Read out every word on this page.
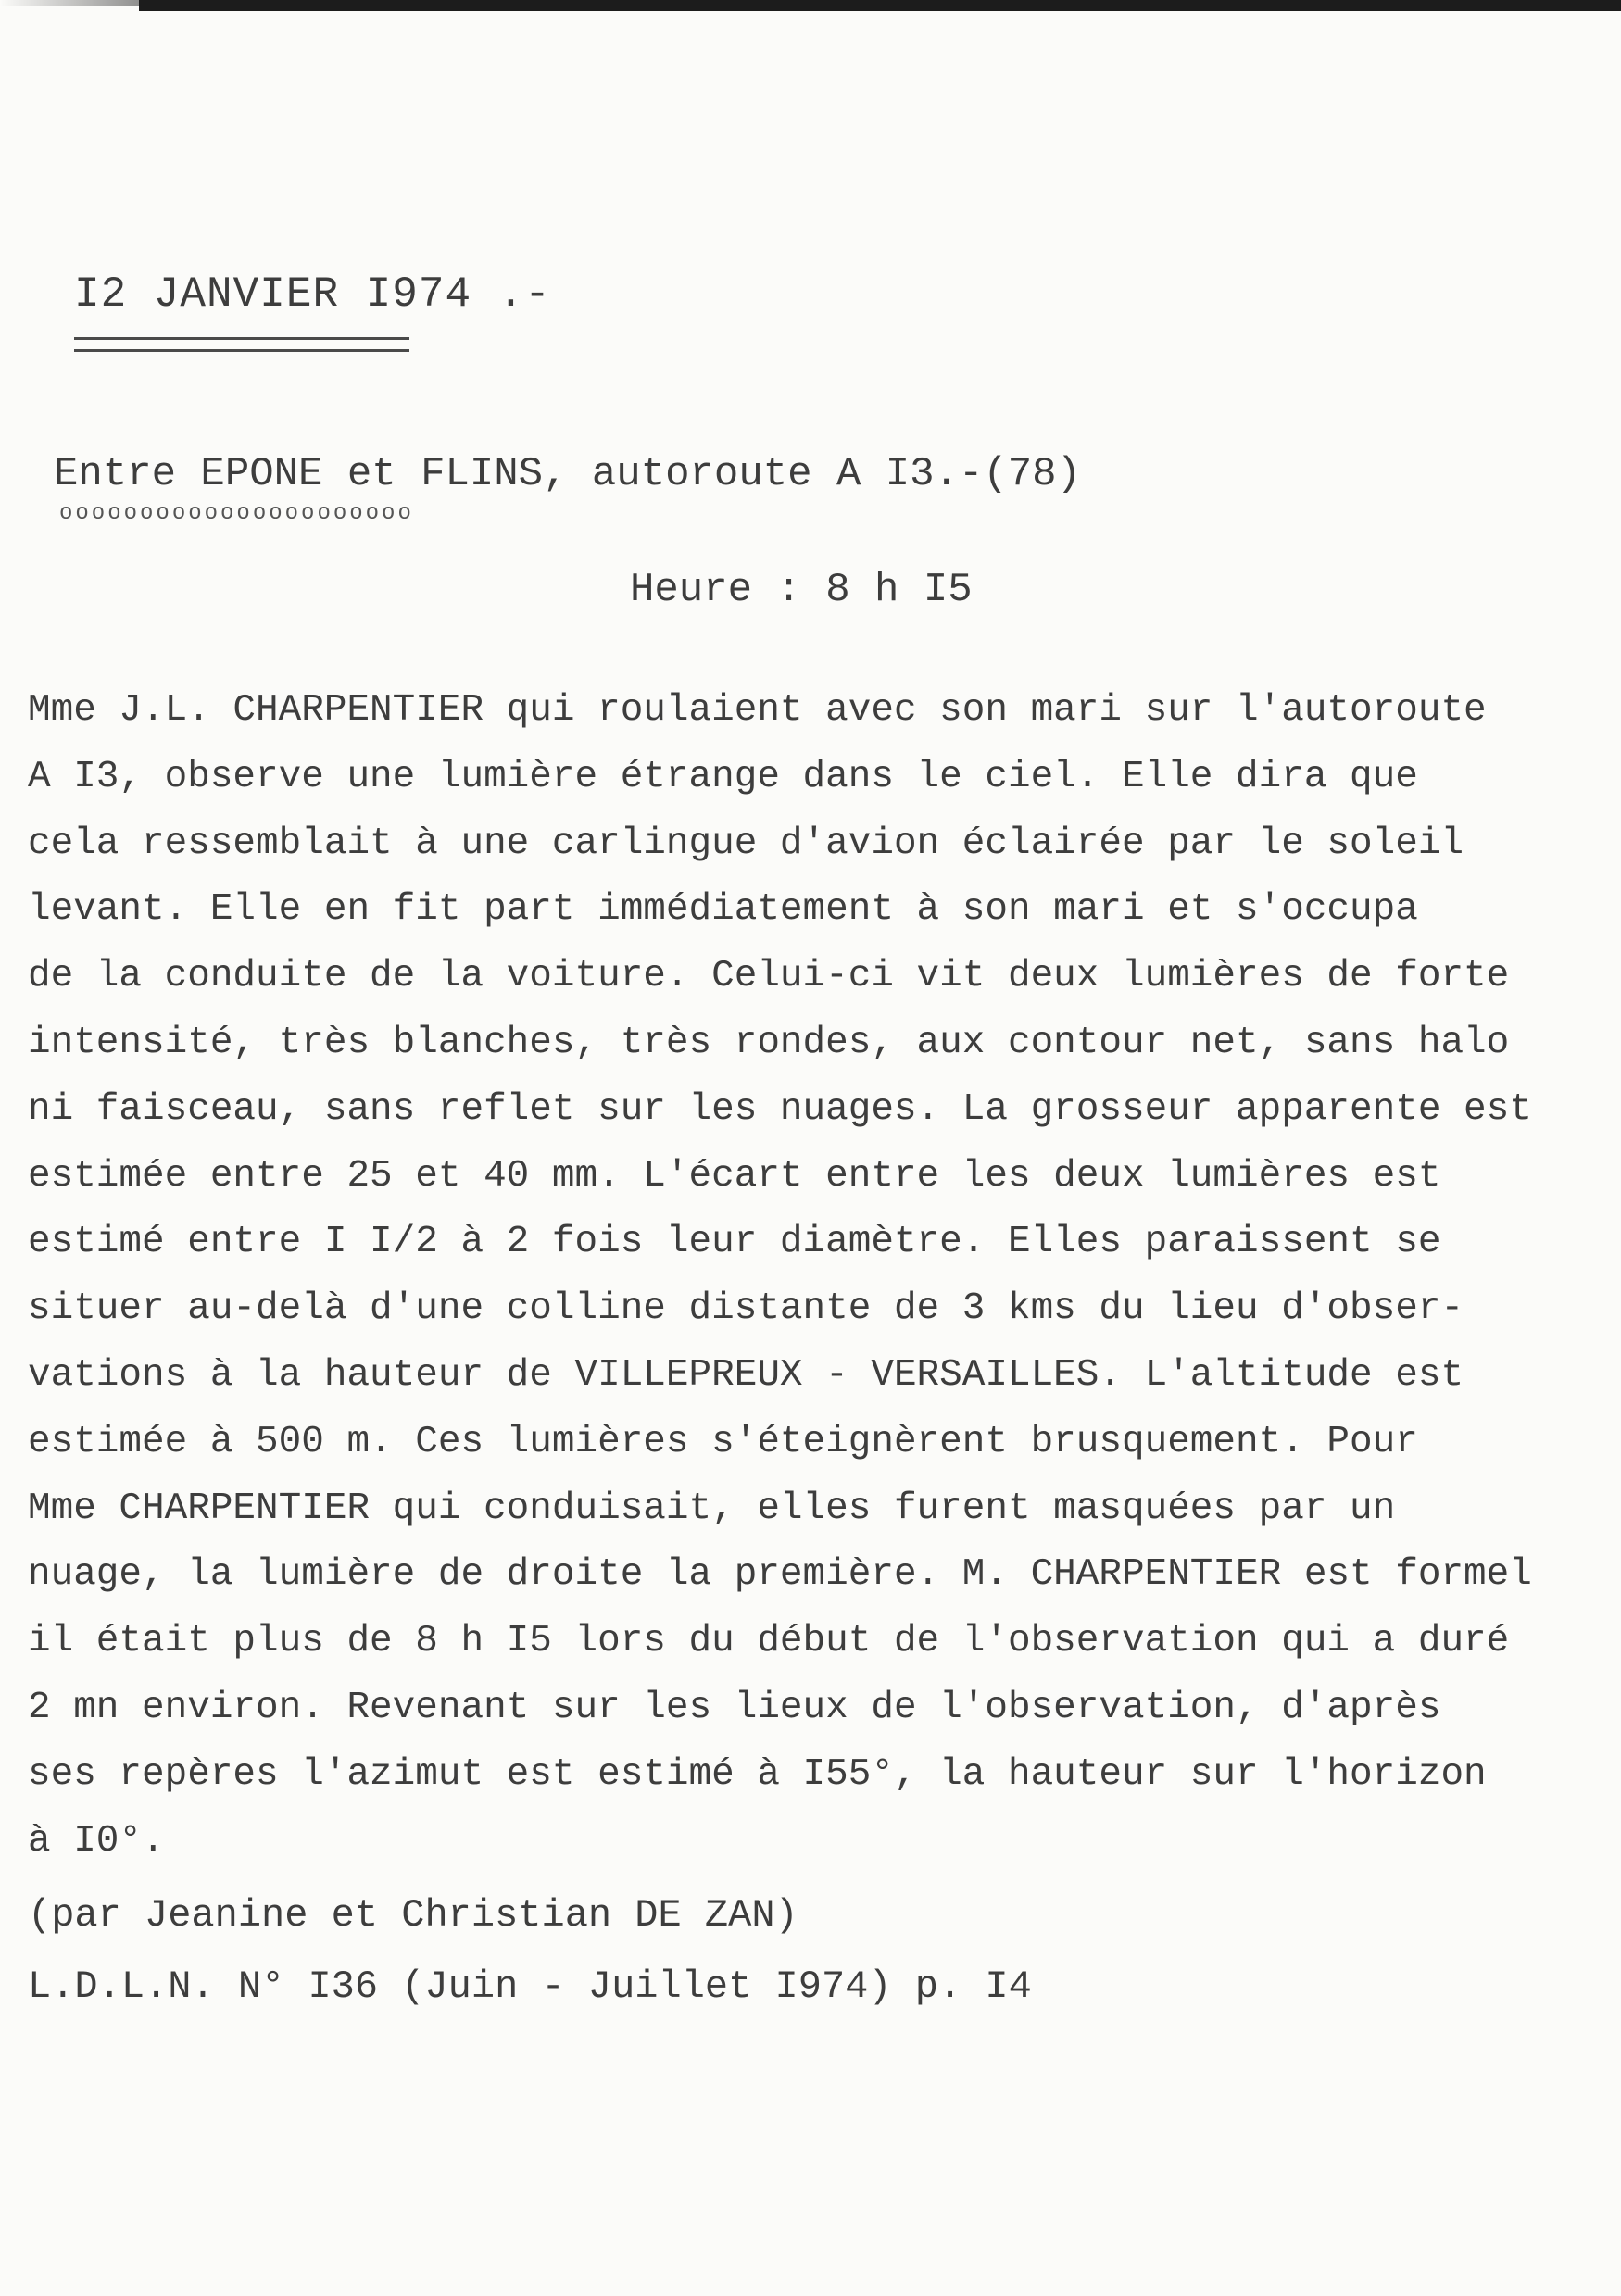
I2 JANVIER I974 .-
Entre EPONE et FLINS, autoroute A I3.-(78)
oooooooooooooooooooooo
Heure : 8 h I5
Mme J.L. CHARPENTIER qui roulaient avec son mari sur l'autoroute
A I3, observe une lumière étrange dans le ciel. Elle dira que
cela ressemblait à une carlingue d'avion éclairée par le soleil
levant. Elle en fit part immédiatement à son mari et s'occupa
de la conduite de la voiture. Celui-ci vit deux lumières de forte
intensité, très blanches, très rondes, aux contour net, sans halo
ni faisceau, sans reflet sur les nuages. La grosseur apparente est
estimée entre 25 et 40 mm. L'écart entre les deux lumières est
estimé entre I I/2 à 2 fois leur diamètre. Elles paraissent se
situer au-delà d'une colline distante de 3 kms du lieu d'obser-
vations à la hauteur de VILLEPREUX - VERSAILLES. L'altitude est
estimée à 500 m. Ces lumières s'éteignèrent brusquement. Pour
Mme CHARPENTIER qui conduisait, elles furent masquées par un
nuage, la lumière de droite la première. M. CHARPENTIER est formel
il était plus de 8 h I5 lors du début de l'observation qui a duré
2 mn environ. Revenant sur les lieux de l'observation, d'après
ses repères l'azimut est estimé à I55°, la hauteur sur l'horizon
à I0°.
(par Jeanine et Christian DE ZAN)
L.D.L.N. N° I36 (Juin - Juillet I974) p. I4
